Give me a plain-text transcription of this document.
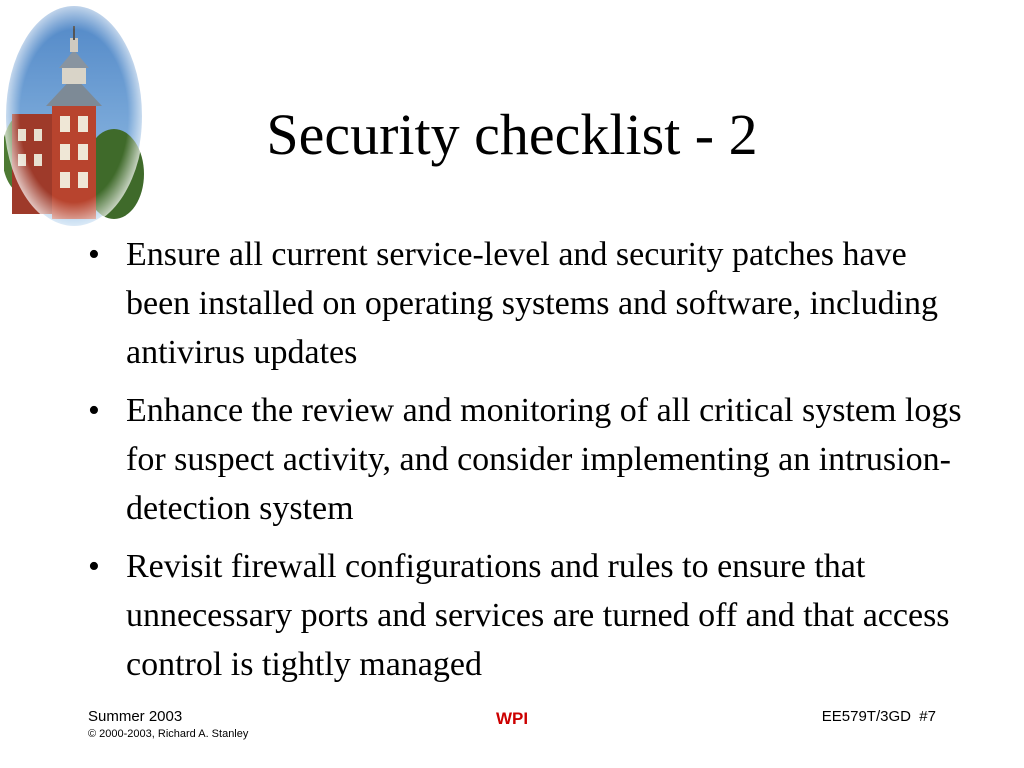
Security checklist - 2
• Ensure all current service-level and security patches have been installed on operating systems and software, including antivirus updates
• Enhance the review and monitoring of all critical system logs for suspect activity, and consider implementing an intrusion-detection system
• Revisit firewall configurations and rules to ensure that unnecessary ports and services are turned off and that access control is tightly managed
Summer 2003
© 2000-2003, Richard A. Stanley
WPI	EE579T/3GD  #7
